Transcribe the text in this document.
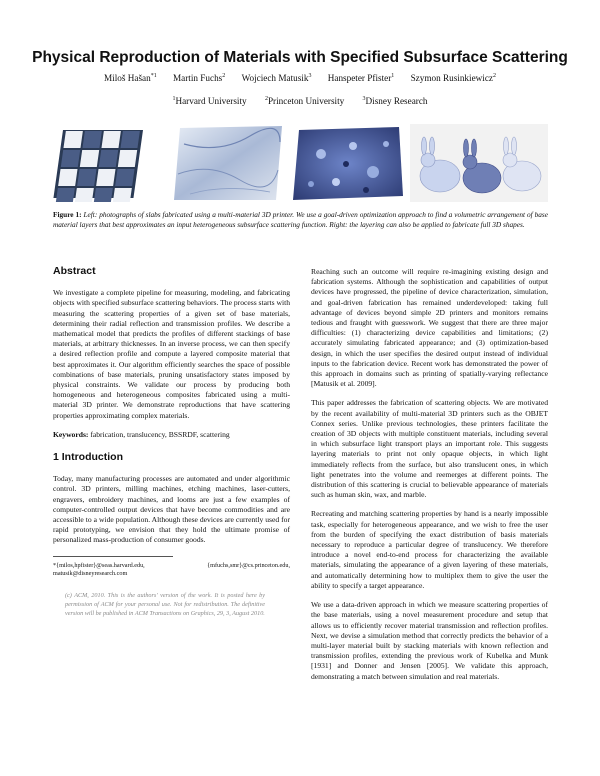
Physical Reproduction of Materials with Specified Subsurface Scattering
Miloš Hašan$^{*1}$ Martin Fuchs$^2$ Wojciech Matusik$^3$ Hanspeter Pfister$^1$ Szymon Rusinkiewicz$^2$
$^1$Harvard University	$^2$Princeton University	$^3$Disney Research
Figure 1: Left: photographs of slabs fabricated using a multi-material 3D printer. We use a goal-driven optimization approach to find a volumetric arrangement of base material layers that best approximates an input heterogeneous subsurface scattering function. Right: the layering can also be applied to fabricate full 3D shapes.
Abstract

We investigate a complete pipeline for measuring, modeling, and fabricating objects with specified subsurface scattering behaviors. The process starts with measuring the scattering properties of a given set of base materials, determining their radial reflection and transmission profiles. We describe a mathematical model that predicts the profiles of different stackings of base materials, at arbitrary thicknesses. In an inverse process, we can then specify a desired reflection profile and compute a layered composite material that best approximates it. Our algorithm efficiently searches the space of possible combinations of base materials, pruning unsatisfactory states imposed by physical constraints. We validate our process by producing both homogeneous and heterogeneous composites fabricated using a multi-material 3D printer. We demonstrate reproductions that have scattering properties approximating complex materials.

Keywords: fabrication, translucency, BSSRDF, scattering

1 Introduction

Today, many manufacturing processes are automated and under algorithmic control. 3D printers, milling machines, etching machines, laser-cutters, engravers, embroidery machines, and looms are just a few examples of computer-controlled output devices that have become commodities and are accessible to a wide population. Although these devices are currently used for rapid prototyping, we envision that they hold the ultimate promise of personalized mass-production of consumer goods.

*{milos,hpfister}@seas.harvard.edu, {mfuchs,smr}@cs.princeton.edu, matusik@disneyresearch.com
(c) ACM, 2010. This is the authors' version of the work. It is posted here by permission of ACM for your personal use. Not for redistribution. The definitive version will be published in ACM Transactions on Graphics, 29, 3, August 2010.

Reaching such an outcome will require re-imagining existing design and fabrication systems. Although the sophistication and capabilities of output devices have progressed, the pipeline of device characterization, simulation, and goal-driven fabrication has remained underdeveloped: taking full advantage of devices beyond simple 2D printers and monitors remains tedious and fraught with guesswork. We suggest that there are three major difficulties: (1) characterizing device capabilities and limitations; (2) accurately simulating fabricated appearance; and (3) optimization-based design, in which the user specifies the desired output instead of individual inputs to the fabrication device. Recent work has demonstrated the power of this approach in domains such as printing of spatially-varying reflectance [Matusik et al. 2009].

This paper addresses the fabrication of scattering objects. We are motivated by the recent availability of multi-material 3D printers such as the OBJET Connex series. Unlike previous technologies, these printers facilitate the creation of 3D objects with multiple constituent materials, including several in which subsurface light transport plays an important role. This suggests layering materials to print not only opaque objects, in which light immediately reflects from the surface, but also translucent ones, in which light penetrates into the volume and reemerges at different points. The distribution of this scattering is crucial to believable appearance of materials such as human skin, wax, and marble.

Recreating and matching scattering properties by hand is a nearly impossible task, especially for heterogeneous appearance, and we wish to free the user from the burden of specifying the exact distribution of basis materials necessary to reproduce a particular degree of translucency. We therefore introduce a novel end-to-end process for characterizing the available materials, simulating the appearance of a given layering of these materials, and automatically determining how to multiplex them to give the user the ability to specify a target appearance.

We use a data-driven approach in which we measure scattering properties of the base materials, using a novel measurement procedure and setup that allows us to efficiently recover material transmission and reflection profiles. Next, we devise a simulation method that correctly predicts the behavior of a multi-layer material built by stacking materials with known reflection and transmission profiles, extending the previous work of Kubelka and Munk [1931] and Donner and Jensen [2005]. We validate this approach, demonstrating a match between simulation and real materials.
